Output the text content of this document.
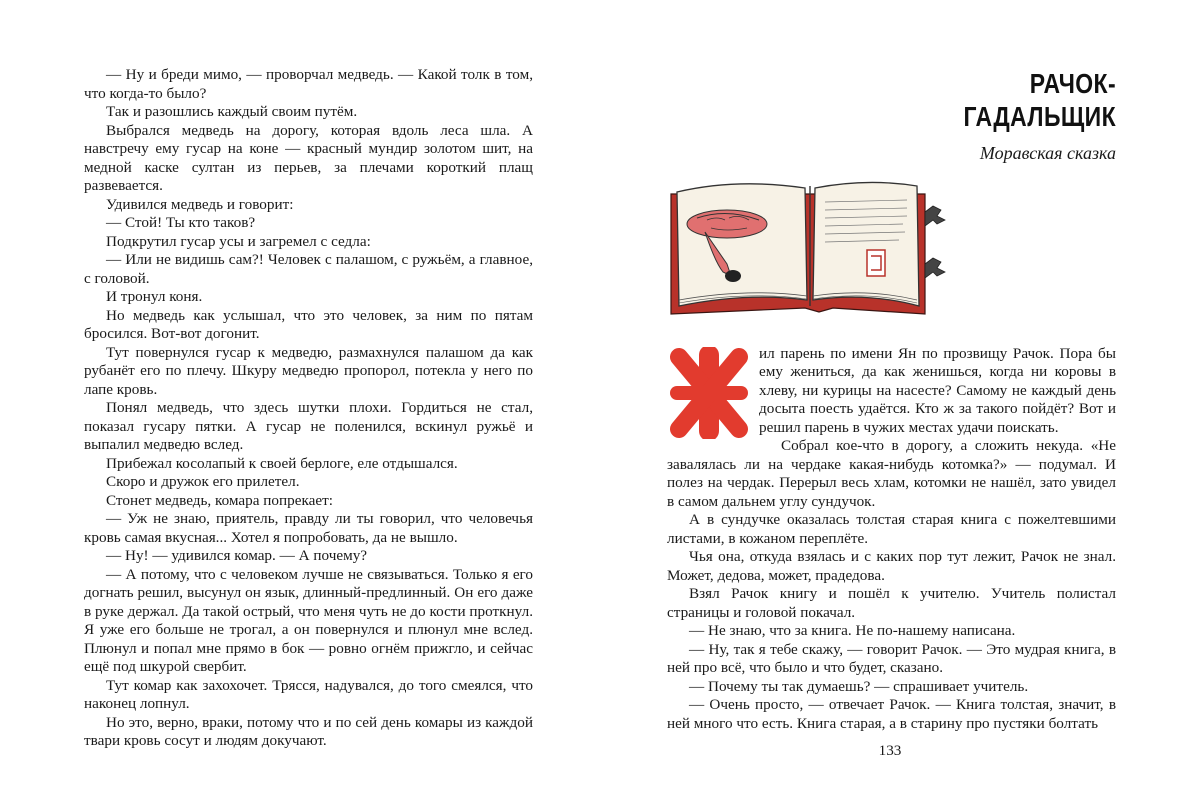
— Ну и бреди мимо, — проворчал медведь. — Какой толк в том, что когда-то было?

Так и разошлись каждый своим путём.

Выбрался медведь на дорогу, которая вдоль леса шла. А навстречу ему гусар на коне — красный мундир золотом шит, на медной каске султан из перьев, за плечами короткий плащ развевается.

Удивился медведь и говорит:

— Стой! Ты кто таков?

Подкрутил гусар усы и загремел с седла:

— Или не видишь сам?! Человек с палашом, с ружьём, а главное, с головой.

И тронул коня.

Но медведь как услышал, что это человек, за ним по пятам бросился. Вот-вот догонит.

Тут повернулся гусар к медведю, размахнулся палашом да как рубанёт его по плечу. Шкуру медведю пропорол, потекла у него по лапе кровь.

Понял медведь, что здесь шутки плохи. Гордиться не стал, показал гусару пятки. А гусар не поленился, вскинул ружьё и выпалил медведю вслед.

Прибежал косолапый к своей берлоге, еле отдышался.

Скоро и дружок его прилетел.

Стонет медведь, комара попрекает:

— Уж не знаю, приятель, правду ли ты говорил, что человечья кровь самая вкусная... Хотел я попробовать, да не вышло.

— Ну! — удивился комар. — А почему?

— А потому, что с человеком лучше не связываться. Только я его догнать решил, высунул он язык, длинный-предлинный. Он его даже в руке держал. Да такой острый, что меня чуть не до кости проткнул. Я уже его больше не трогал, а он повернулся и плюнул мне вслед. Плюнул и попал мне прямо в бок — ровно огнём прижгло, и сейчас ещё под шкурой свербит.

Тут комар как захохочет. Трясся, надувался, до того смеялся, что наконец лопнул.

Но это, верно, враки, потому что и по сей день комары из каждой твари кровь сосут и людям докучают.

РАЧОК-
ГАДАЛЬЩИК
Моравская сказка

ил парень по имени Ян по прозвищу Рачок. Пора бы ему жениться, да как женишься, когда ни коровы в хлеву, ни курицы на насесте? Самому не каждый день досыта поесть удаётся. Кто ж за такого пойдёт? Вот и решил парень в чужих местах удачи поискать.

Собрал кое-что в дорогу, а сложить некуда. «Не завалялась ли на чердаке какая-нибудь котомка?» — подумал. И полез на чердак. Перерыл весь хлам, котомки не нашёл, зато увидел в самом дальнем углу сундучок.

А в сундучке оказалась толстая старая книга с пожелтевшими листами, в кожаном переплёте.

Чья она, откуда взялась и с каких пор тут лежит, Рачок не знал. Может, дедова, может, прадедова.

Взял Рачок книгу и пошёл к учителю. Учитель полистал страницы и головой покачал.

— Не знаю, что за книга. Не по-нашему написана.

— Ну, так я тебе скажу, — говорит Рачок. — Это мудрая книга, в ней про всё, что было и что будет, сказано.

— Почему ты так думаешь? — спрашивает учитель.

— Очень просто, — отвечает Рачок. — Книга толстая, значит, в ней много что есть. Книга старая, а в старину про пустяки болтать

133
